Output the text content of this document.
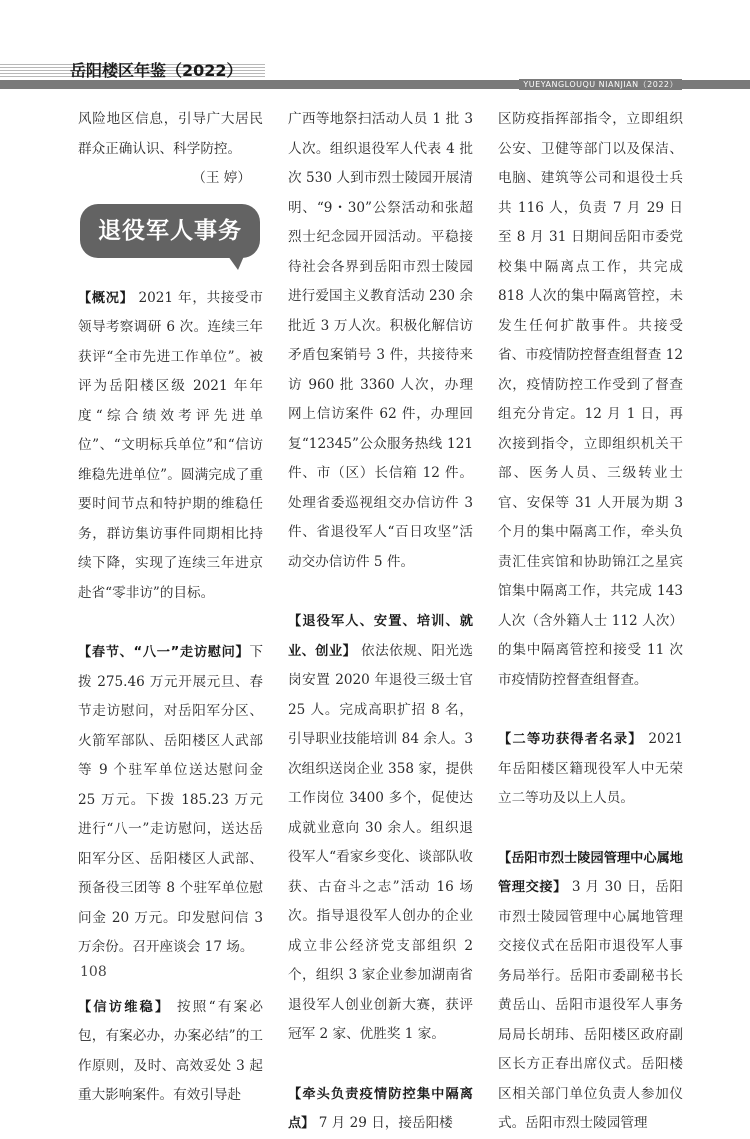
岳阳楼区年鉴（2022）
YUEYANGLOUQU NIANJIAN（2022）

风险地区信息，引导广大居民群众正确认识、科学防控。

（王 婷）

退役军人事务

【概况】 2021 年，共接受市领导考察调研 6 次。连续三年获评“全市先进工作单位”。被评为岳阳楼区级 2021 年年度“综合绩效考评先进单位”、“文明标兵单位”和“信访维稳先进单位”。圆满完成了重要时间节点和特护期的维稳任务，群访集访事件同期相比持续下降，实现了连续三年进京赴省“零非访”的目标。

【春节、“八一”走访慰问】下拨 275.46 万元开展元旦、春节走访慰问，对岳阳军分区、火箭军部队、岳阳楼区人武部等 9 个驻军单位送达慰问金 25 万元。下拨 185.23 万元进行“八一”走访慰问，送达岳阳军分区、岳阳楼区人武部、预备役三团等 8 个驻军单位慰问金 20 万元。印发慰问信 3 万余份。召开座谈会 17 场。

【信访维稳】 按照“有案必包，有案必办，办案必结”的工作原则，及时、高效妥处 3 起重大影响案件。有效引导赴

广西等地祭扫活动人员 1 批 3 人次。组织退役军人代表 4 批次 530 人到市烈士陵园开展清明、“9・30”公祭活动和张超烈士纪念园开园活动。平稳接待社会各界到岳阳市烈士陵园进行爱国主义教育活动 230 余批近 3 万人次。积极化解信访矛盾包案销号 3 件，共接待来访 960 批 3360 人次，办理网上信访案件 62 件，办理回复“12345”公众服务热线 121 件、市（区）长信箱 12 件。处理省委巡视组交办信访件 3 件、省退役军人“百日攻坚”活动交办信访件 5 件。

【退役军人、安置、培训、就业、创业】 依法依规、阳光选岗安置 2020 年退役三级士官 25 人。完成高职扩招 8 名，引导职业技能培训 84 余人。3 次组织送岗企业 358 家，提供工作岗位 3400 多个，促使达成就业意向 30 余人。组织退役军人“看家乡变化、谈部队收获、古奋斗之志”活动 16 场次。指导退役军人创办的企业成立非公经济党支部组织 2 个，组织 3 家企业参加湖南省退役军人创业创新大赛，获评冠军 2 家、优胜奖 1 家。

【牵头负责疫情防控集中隔离点】 7 月 29 日，接岳阳楼

区防疫指挥部指令，立即组织公安、卫健等部门以及保洁、电脑、建筑等公司和退役士兵共 116 人，负责 7 月 29 日至 8 月 31 日期间岳阳市委党校集中隔离点工作，共完成 818 人次的集中隔离管控，未发生任何扩散事件。共接受省、市疫情防控督查组督查 12 次，疫情防控工作受到了督查组充分肯定。12 月 1 日，再次接到指令，立即组织机关干部、医务人员、三级转业士官、安保等 31 人开展为期 3 个月的集中隔离工作，牵头负责汇佳宾馆和协助锦江之星宾馆集中隔离工作，共完成 143 人次（含外籍人士 112 人次）的集中隔离管控和接受 11 次市疫情防控督查组督查。

【二等功获得者名录】 2021 年岳阳楼区籍现役军人中无荣立二等功及以上人员。

【岳阳市烈士陵园管理中心属地管理交接】 3 月 30 日，岳阳市烈士陵园管理中心属地管理交接仪式在岳阳市退役军人事务局举行。岳阳市委副秘书长黄岳山、岳阳市退役军人事务局局长胡玮、岳阳楼区政府副区长方正春出席仪式。岳阳楼区相关部门单位负责人参加仪式。岳阳市烈士陵园管理

108
